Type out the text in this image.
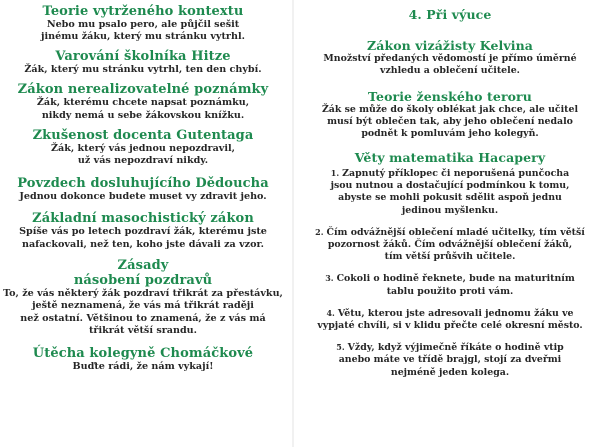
Teorie vytrženého kontextu
Nebo mu psalo pero, ale půjčil sešit
jinému žáku, který mu stránku vytrhl.
Varování školníka Hitze
Žák, který mu stránku vytrhl, ten den chybí.
Zákon nerealizovatelné poznámky
Žák, kterému chcete napsat poznámku,
nikdy nemá u sebe žákovskou knížku.
Zkušenost docenta Gutentaga
Žák, který vás jednou nepozdravil,
už vás nepozdraví nikdy.
Povzdech dosluhujícího Dědoucha
Jednou dokonce budete muset vy zdravit jeho.
Základní masochistický zákon
Spíše vás po letech pozdraví žák, kterému jste
nafackovali, než ten, koho jste dávali za vzor.
Zásady
násobení pozdravů
To, že vás některý žák pozdraví třikrát za přestávku,
ještě neznamená, že vás má třikrát raději
než ostatní. Většinou to znamená, že z vás má
třikrát větší srandu.
Útěcha kolegyně Chomáčkové
Buďte rádi, že nám vykají!
4. Při výuce
Zákon vizážisty Kelvina
Množství předaných vědomostí je přímo úměrné
vzhledu a oblečení učitele.
Teorie ženského teroru
Žák se může do školy oblékat jak chce, ale učitel
musí být oblečen tak, aby jeho oblečení nedalo
podnět k pomluvám jeho kolegyň.
Věty matematika Hacapery
1. Zapnutý příklopec či neporušená punčocha
jsou nutnou a dostačující podmínkou k tomu,
abyste se mohli pokusit sdělit aspoň jednu
jedinou myšlenku.
2. Čím odvážnější oblečení mladé učitelky, tím větší
pozornost žáků. Čím odvážnější oblečení žáků,
tím větší průšvih učitele.
3. Cokoli o hodině řeknete, bude na maturitním
tablu použito proti vám.
4. Větu, kterou jste adresovali jednomu žáku ve
vypjaté chvíli, si v klidu přečte celé okresní město.
5. Vždy, když výjimečně říkáte o hodině vtip
anebo máte ve třídě brajgl, stojí za dveřmi
nejméně jeden kolega.
